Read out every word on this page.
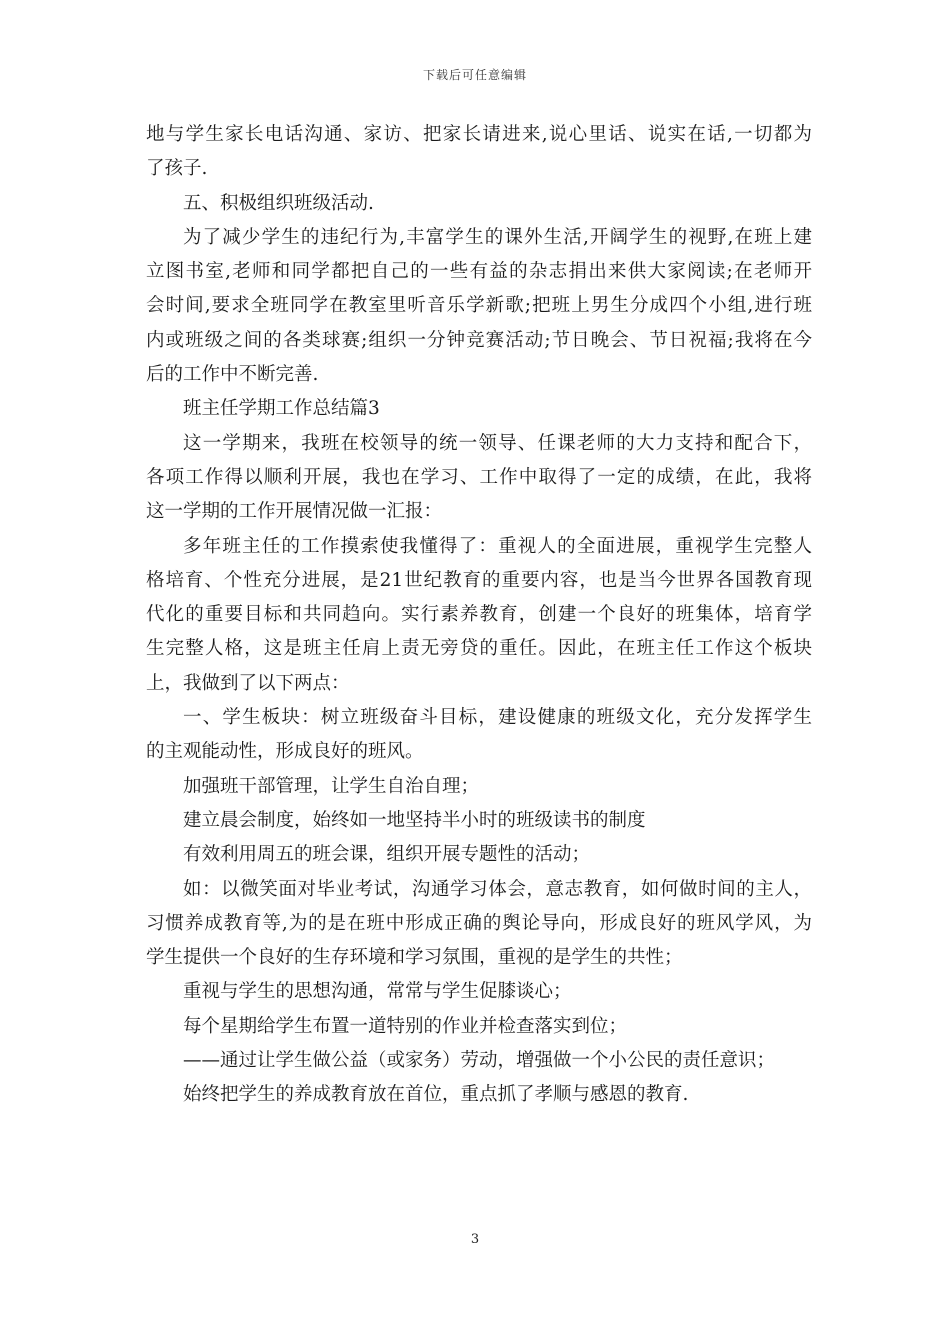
下载后可任意编辑
地与学生家长电话沟通、家访、把家长请进来,说心里话、说实在话,一切都为
了孩子.
五、积极组织班级活动.
为了减少学生的违纪行为,丰富学生的课外生活,开阔学生的视野,在班上建
立图书室,老师和同学都把自己的一些有益的杂志捐出来供大家阅读;在老师开
会时间,要求全班同学在教室里听音乐学新歌;把班上男生分成四个小组,进行班
内或班级之间的各类球赛;组织一分钟竞赛活动;节日晚会、节日祝福;我将在今
后的工作中不断完善.
班主任学期工作总结篇3
这一学期来，我班在校领导的统一领导、任课老师的大力支持和配合下，
各项工作得以顺利开展，我也在学习、工作中取得了一定的成绩，在此，我将
这一学期的工作开展情况做一汇报：
多年班主任的工作摸索使我懂得了：重视人的全面进展，重视学生完整人
格培育、个性充分进展，是21世纪教育的重要内容，也是当今世界各国教育现
代化的重要目标和共同趋向。实行素养教育，创建一个良好的班集体，培育学
生完整人格，这是班主任肩上责无旁贷的重任。因此，在班主任工作这个板块
上，我做到了以下两点：
一、学生板块：树立班级奋斗目标，建设健康的班级文化，充分发挥学生
的主观能动性，形成良好的班风。
加强班干部管理，让学生自治自理；
建立晨会制度，始终如一地坚持半小时的班级读书的制度
有效利用周五的班会课，组织开展专题性的活动；
如：以微笑面对毕业考试，沟通学习体会，意志教育，如何做时间的主人，
习惯养成教育等,为的是在班中形成正确的舆论导向，形成良好的班风学风，为
学生提供一个良好的生存环境和学习氛围，重视的是学生的共性；
重视与学生的思想沟通，常常与学生促膝谈心；
每个星期给学生布置一道特别的作业并检查落实到位；
——通过让学生做公益（或家务）劳动，增强做一个小公民的责任意识；
始终把学生的养成教育放在首位，重点抓了孝顺与感恩的教育.
3
